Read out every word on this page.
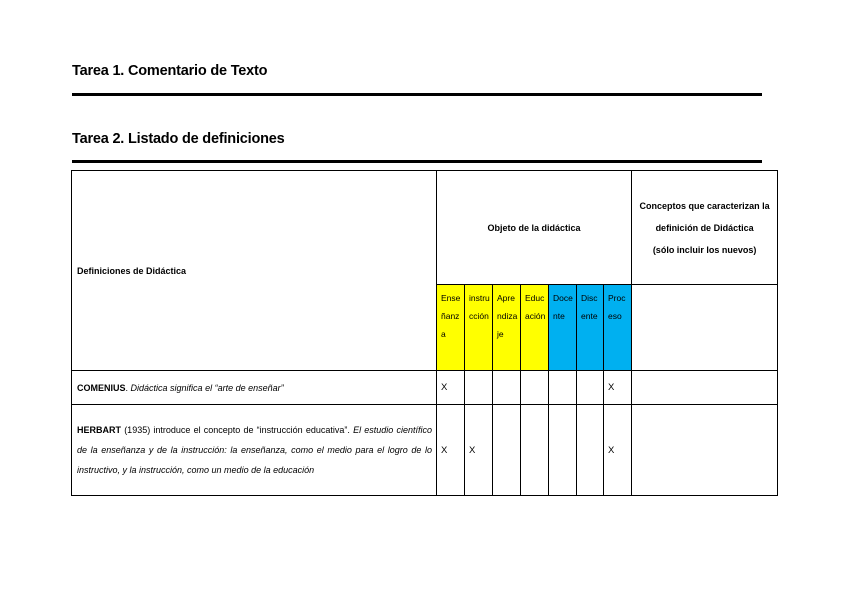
Tarea 1. Comentario de Texto
Tarea 2. Listado de definiciones
Definiciones de Didáctica	Objeto de la didáctica							Conceptos que caracterizan la
definición de Didáctica
(sólo incluir los nuevos)

	Enseñanza	instrucción	Aprendizaje	Educación	Docente	Discente	Proceso	
COMENIUS. Didáctica significa el “arte de enseñar”	X						X	
HERBART (1935) introduce el concepto de “instrucción educativa”. El estudio científico de la enseñanza y de la instrucción: la enseñanza, como el medio para el logro de lo instructivo, y la instrucción, como un medio de la educación	X	X					X	
